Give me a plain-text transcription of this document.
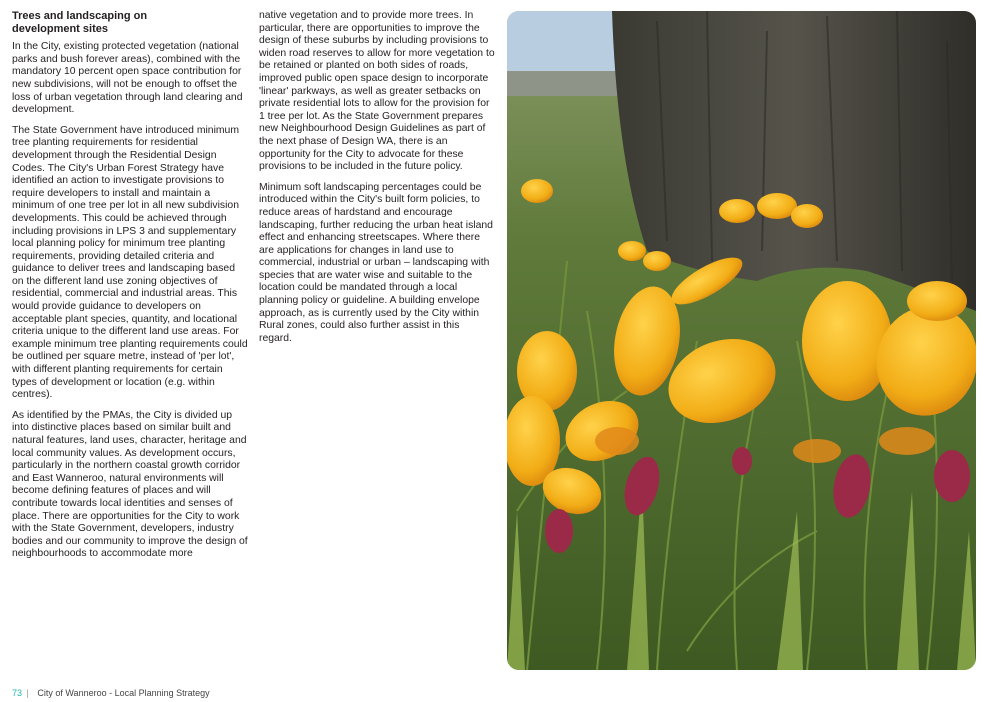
Trees and landscaping on development sites

In the City, existing protected vegetation (national parks and bush forever areas), combined with the mandatory 10 percent open space contribution for new subdivisions, will not be enough to offset the loss of urban vegetation through land clearing and development.

The State Government have introduced minimum tree planting requirements for residential development through the Residential Design Codes. The City's Urban Forest Strategy have identified an action to investigate provisions to require developers to install and maintain a minimum of one tree per lot in all new subdivision developments. This could be achieved through including provisions in LPS 3 and supplementary local planning policy for minimum tree planting requirements, providing detailed criteria and guidance to deliver trees and landscaping based on the different land use zoning objectives of residential, commercial and industrial areas. This would provide guidance to developers on acceptable plant species, quantity, and locational criteria unique to the different land use areas. For example minimum tree planting requirements could be outlined per square metre, instead of 'per lot', with different planting requirements for certain types of development or location (e.g. within centres).

As identified by the PMAs, the City is divided up into distinctive places based on similar built and natural features, land uses, character, heritage and local community values. As development occurs, particularly in the northern coastal growth corridor and East Wanneroo, natural environments will become defining features of places and will contribute towards local identities and senses of place. There are opportunities for the City to work with the State Government, developers, industry bodies and our community to improve the design of neighbourhoods to accommodate more

native vegetation and to provide more trees. In particular, there are opportunities to improve the design of these suburbs by including provisions to widen road reserves to allow for more vegetation to be retained or planted on both sides of roads, improved public open space design to incorporate 'linear' parkways, as well as greater setbacks on private residential lots to allow for the provision for 1 tree per lot. As the State Government prepares new Neighbourhood Design Guidelines as part of the next phase of Design WA, there is an opportunity for the City to advocate for these provisions to be included in the future policy.

Minimum soft landscaping percentages could be introduced within the City's built form policies, to reduce areas of hardstand and encourage landscaping, further reducing the urban heat island effect and enhancing streetscapes. Where there are applications for changes in land use to commercial, industrial or urban – landscaping with species that are water wise and suitable to the location could be mandated through a local planning policy or guideline. A building envelope approach, as is currently used by the City within Rural zones, could also further assist in this regard.

73 | City of Wanneroo - Local Planning Strategy
